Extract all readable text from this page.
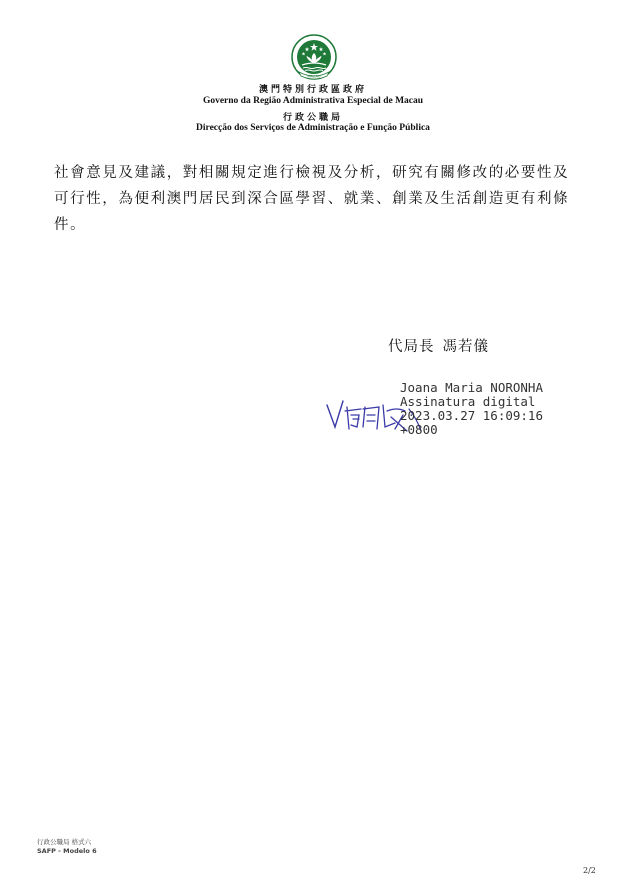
MACAU
澳門特別行政區政府
Governo da Região Administrativa Especial de Macau
行政公職局
Direcção dos Serviços de Administração e Função Pública
社會意見及建議，對相關規定進行檢視及分析，研究有關修改的必要性及
可行性，為便利澳門居民到深合區學習、就業、創業及生活創造更有利條
件。
代局長 馮若儀
Joana Maria NORONHA
Assinatura digital
2023.03.27 16:09:16
+0800
行政公職局 格式六
SAFP - Modelo 6
2/2
